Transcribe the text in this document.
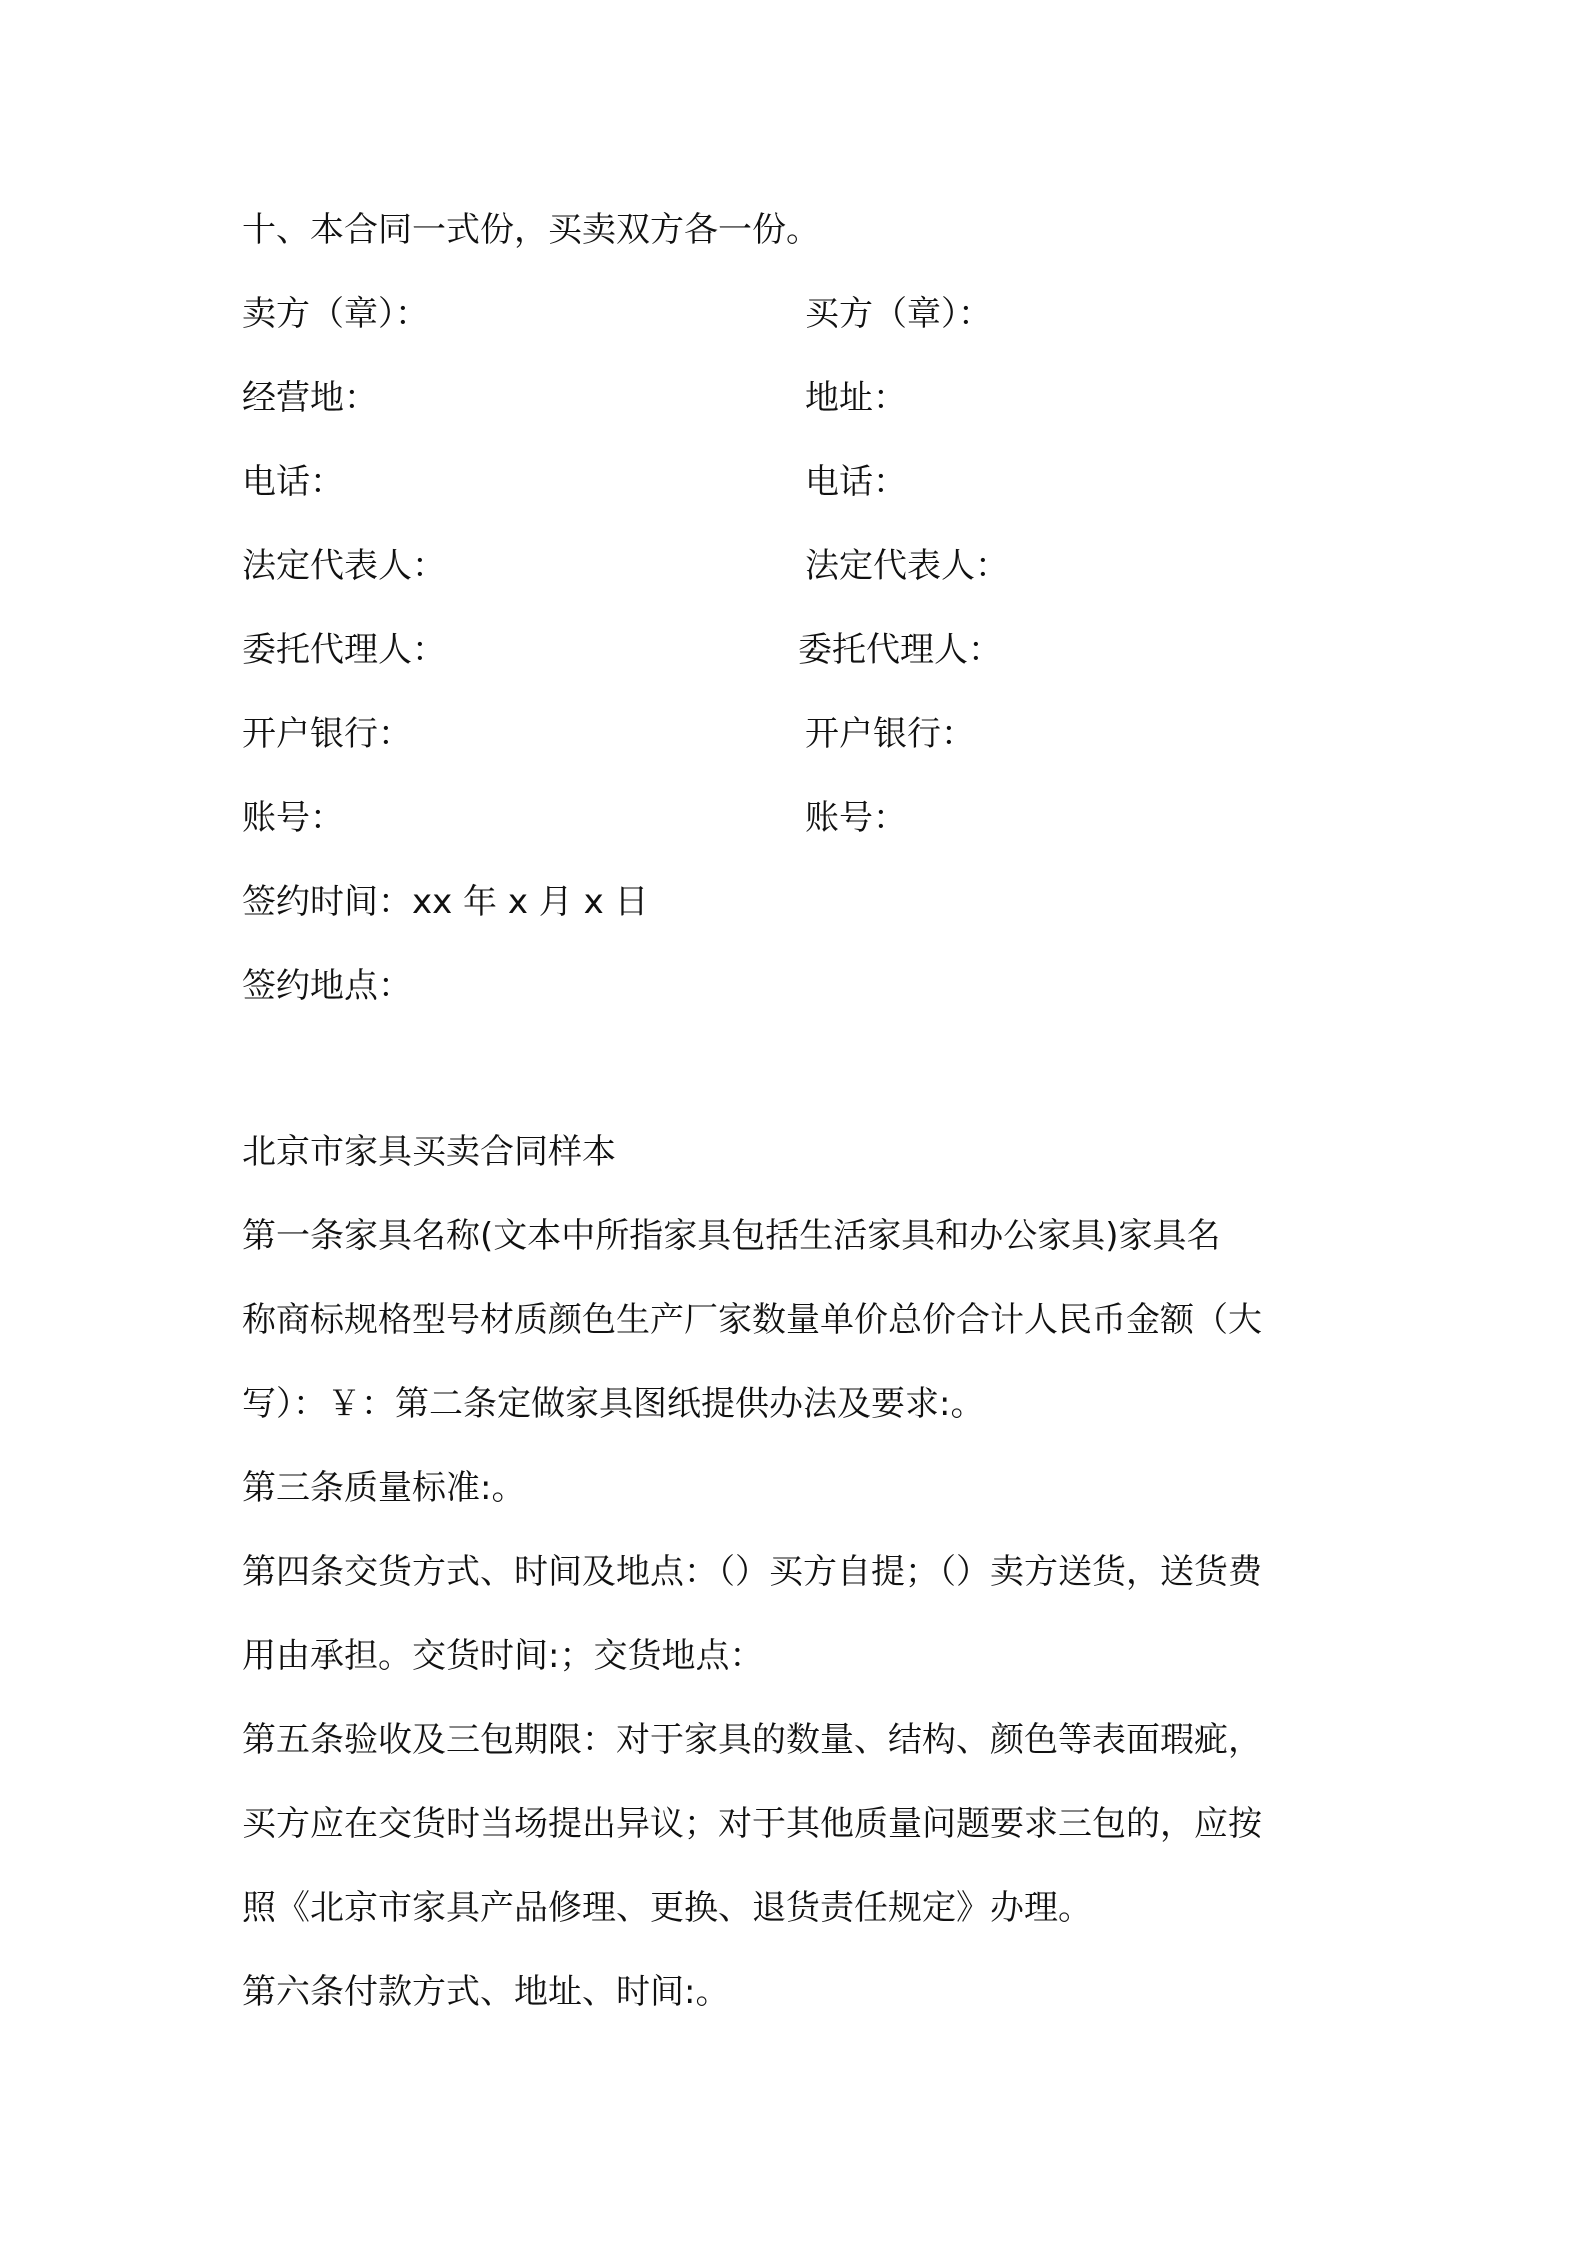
十、本合同一式份，买卖双方各一份。
卖方（章）：	买方（章）：
经营地：	地址：
电话：	电话：
法定代表人：	法定代表人：
委托代理人：	委托代理人：
开户银行：	开户银行：
账号：	账号：
签约时间：xx 年 x 月 x 日
签约地点：
北京市家具买卖合同样本
第一条家具名称(文本中所指家具包括生活家具和办公家具)家具名
称商标规格型号材质颜色生产厂家数量单价总价合计人民币金额（大
写）：￥：第二条定做家具图纸提供办法及要求:。
第三条质量标准:。
第四条交货方式、时间及地点：（）买方自提；（）卖方送货，送货费
用由承担。交货时间:；交货地点：
第五条验收及三包期限：对于家具的数量、结构、颜色等表面瑕疵，
买方应在交货时当场提出异议；对于其他质量问题要求三包的，应按
照《北京市家具产品修理、更换、退货责任规定》办理。
第六条付款方式、地址、时间:。
